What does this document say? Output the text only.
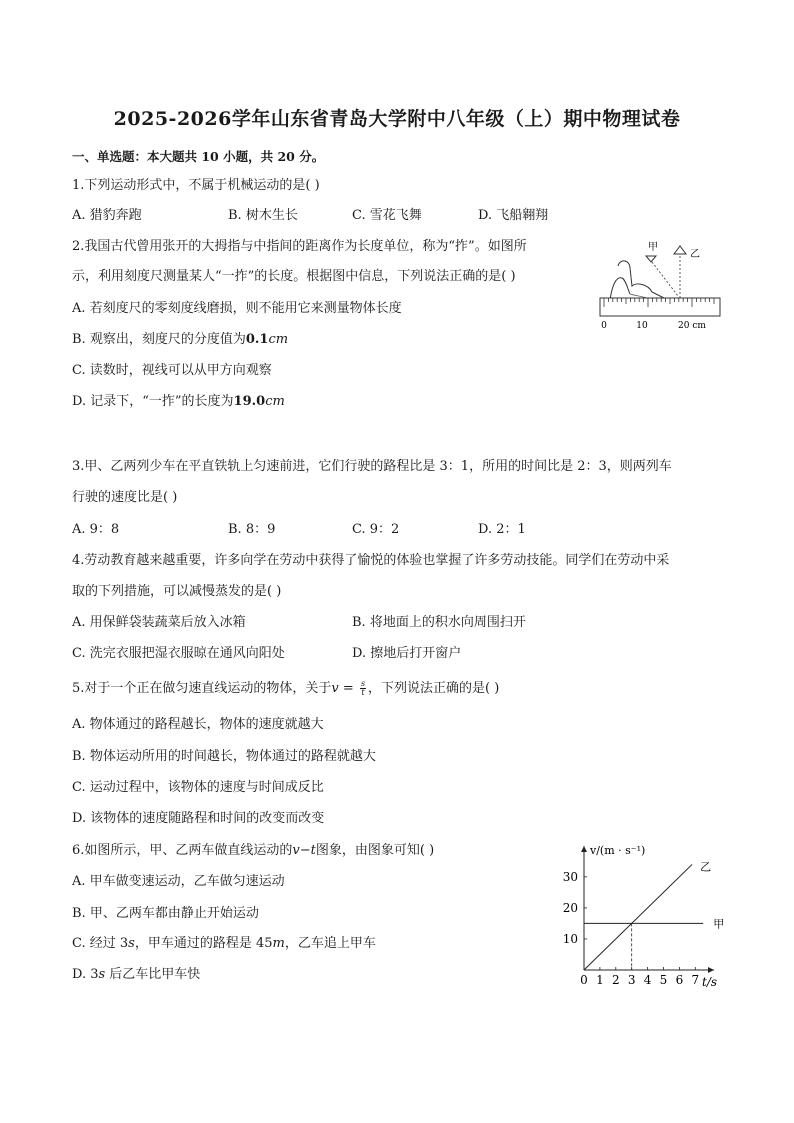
2025-2026学年山东省青岛大学附中八年级（上）期中物理试卷
一、单选题：本大题共 10 小题，共 20 分。
1.下列运动形式中，不属于机械运动的是( )
A. 猎豹奔跑	B. 树木生长	C. 雪花飞舞	D. 飞船翱翔
2.我国古代曾用张开的大拇指与中指间的距离作为长度单位，称为“拃”。如图所
示，利用刻度尺测量某人“一拃”的长度。根据图中信息，下列说法正确的是( )
A. 若刻度尺的零刻度线磨损，则不能用它来测量物体长度
B. 观察出，刻度尺的分度值为0.1cm
C. 读数时，视线可以从甲方向观察
D. 记录下，“一拃”的长度为19.0cm
甲
乙
0	10	20 cm
3.甲、乙两列少车在平直铁轨上匀速前进，它们行驶的路程比是 3：1，所用的时间比是 2：3，则两列车
行驶的速度比是( )
A. 9：8	B. 8：9	C. 9：2	D. 2：1
4.劳动教育越来越重要，许多向学在劳动中获得了愉悦的体验也掌握了许多劳动技能。同学们在劳动中采
取的下列措施，可以减慢蒸发的是( )
A. 用保鲜袋装蔬菜后放入冰箱	B. 将地面上的积水向周围扫开
C. 洗完衣服把湿衣服晾在通风向阳处	D. 擦地后打开窗户
5.对于一个正在做匀速直线运动的物体，关于$v = \frac{s}{t}$ ，下列说法正确的是( )
A. 物体通过的路程越长，物体的速度就越大
B. 物体运动所用的时间越长，物体通过的路程就越大
C. 运动过程中，该物体的速度与时间成反比
D. 该物体的速度随路程和时间的改变而改变
6.如图所示，甲、乙两车做直线运动的v−t图象，由图象可知( )
A. 甲车做变速运动，乙车做匀速运动
B. 甲、乙两车都由静止开始运动
C. 经过 3s，甲车通过的路程是 45m，乙车追上甲车
D. 3s 后乙车比甲车快	0 1 2 3 4 5 6 7
10
20
30
甲
乙
v/(m · s⁻¹)
t/s
